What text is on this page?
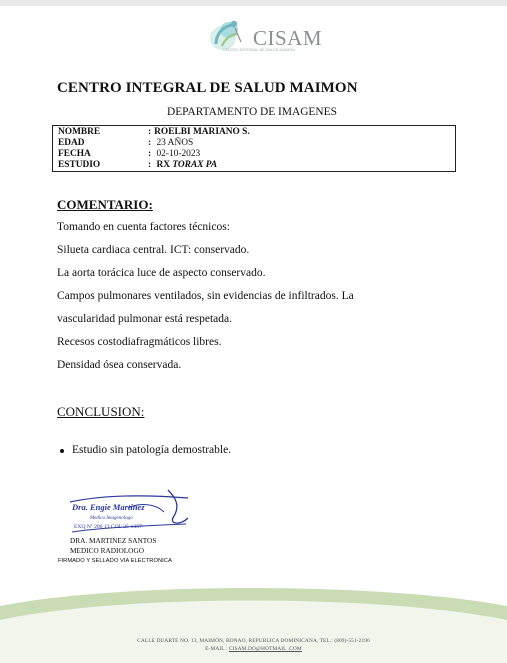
CISAM
CENTRO INTEGRAL DE SALUD MAIMON
CENTRO INTEGRAL DE SALUD MAIMON
DEPARTAMENTO DE IMAGENES
NOMBRE	: ROELBI MARIANO S.
EDAD	: 23 AÑOS
FECHA	: 02-10-2023
ESTUDIO	: RX TORAX PA
COMENTARIO:
Tomando en cuenta factores técnicos:
Silueta cardiaca central. ICT: conservado.
La aorta torácica luce de aspecto conservado.
Campos pulmonares ventilados, sin evidencias de infiltrados. La
vascularidad pulmonar está respetada.
Recesos costodiafragmáticos libres.
Densidad ósea conservada.
CONCLUSION:
Estudio sin patología demostrable.
Dra. Engie Martinez
Medico Imagenologo
EXQ Nº 206 13 COL 25-1357
DRA. MARTINEZ SANTOS
MEDICO RADIOLOGO
FIRMADO Y SELLADO VIA ELECTRONICA
CALLE DUARTE NO. 13, MAIMÓN, BONAO, REPUBLICA DOMINICANA, TEL.: (809)-551-2196
E-MAIL : CISAM.DO@HOTMAIL .COM
